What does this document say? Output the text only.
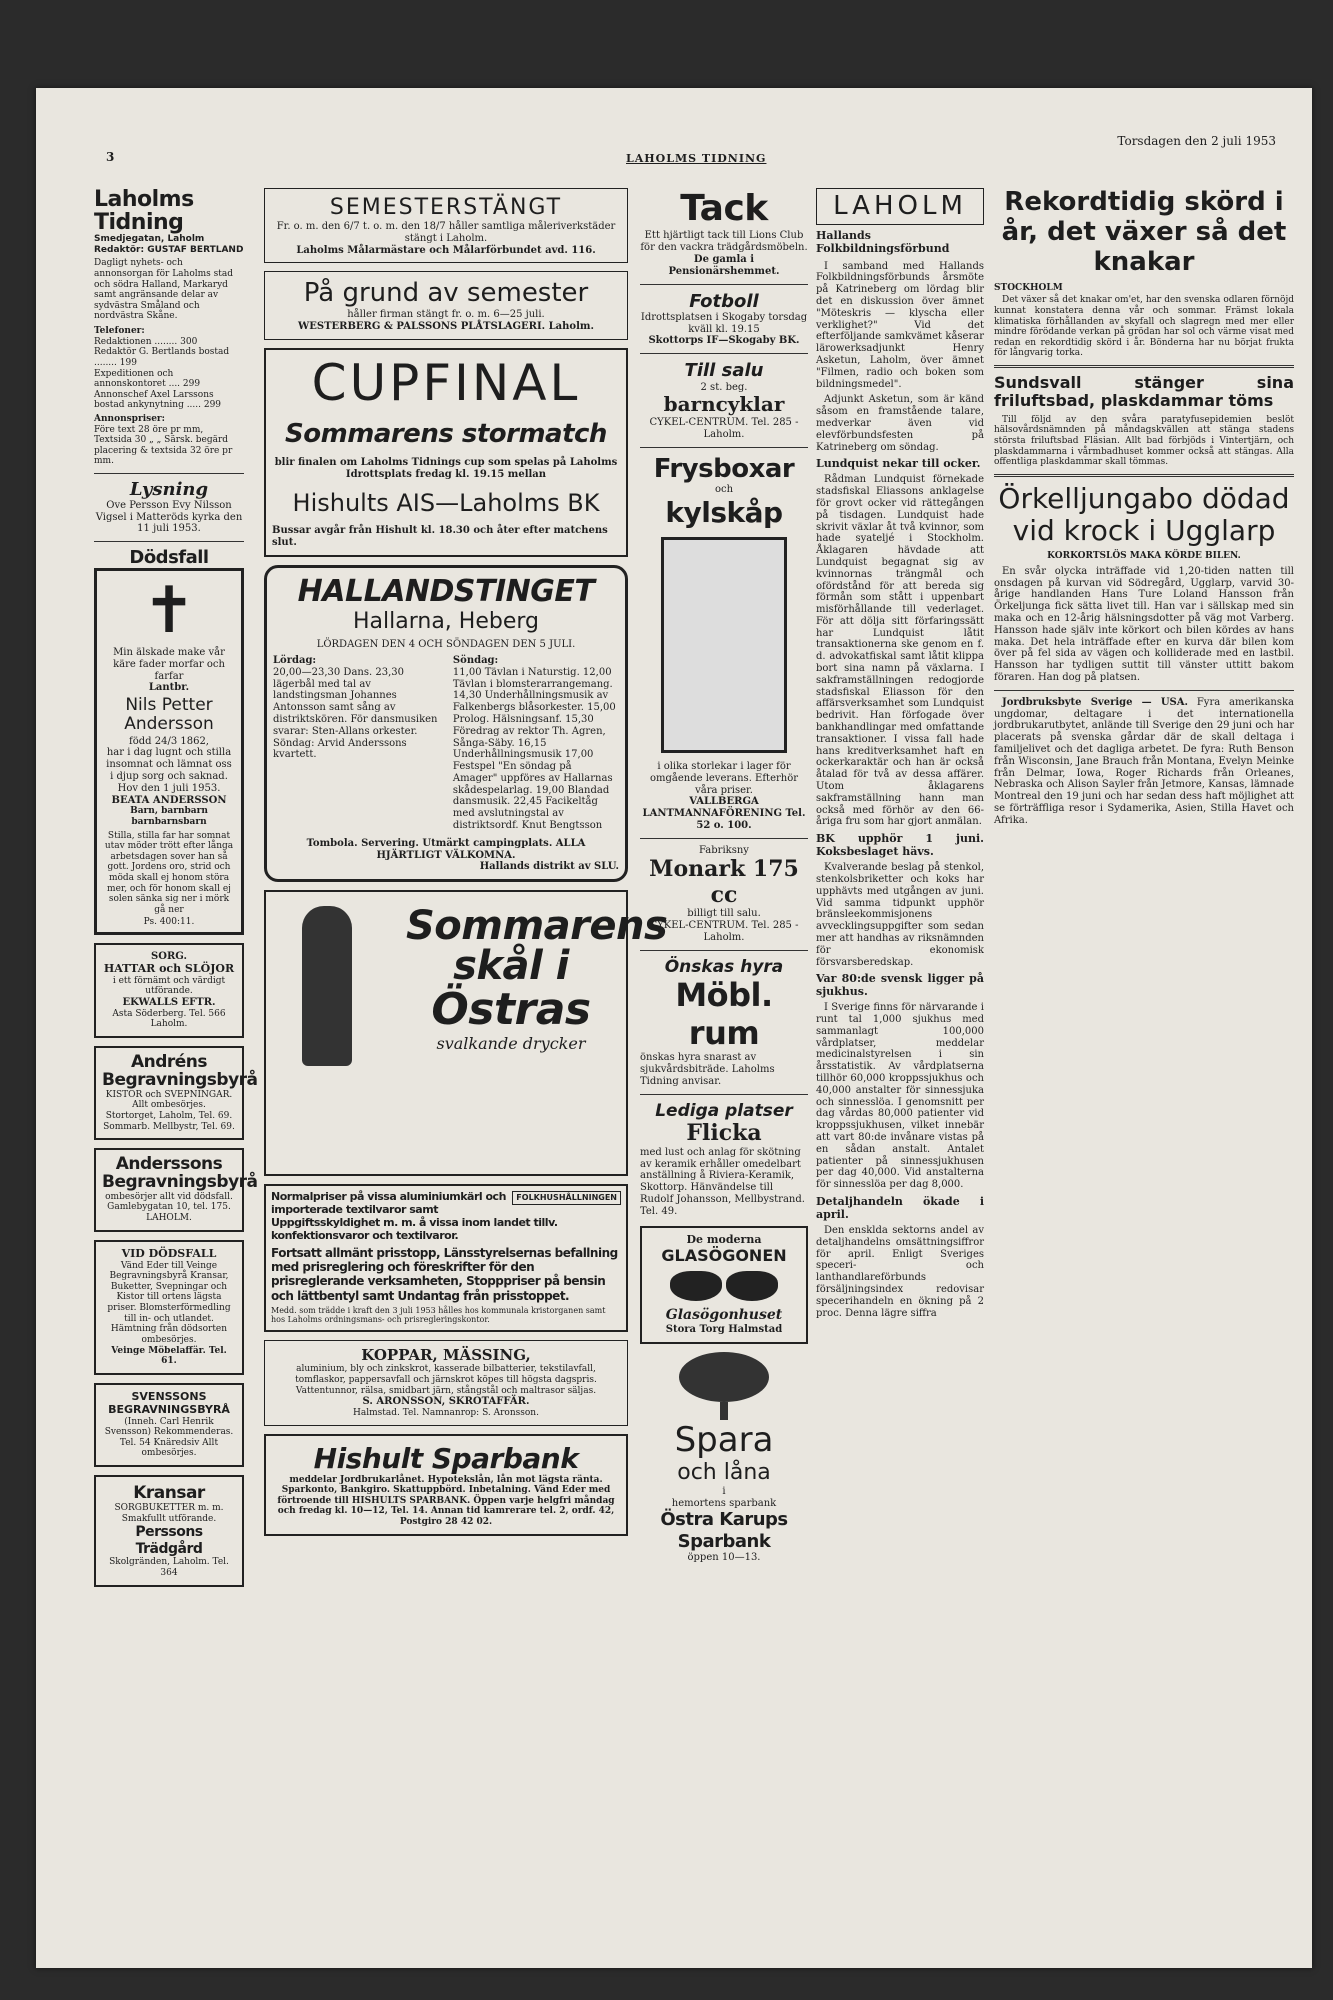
3	LAHOLMS TIDNING
Torsdagen den 2 juli 1953
Laholms Tidning
Smedjegatan, Laholm
Redaktör: GUSTAF BERTLAND

Dagligt nyhets- och annonsorgan för Laholms stad och södra Halland, Markaryd samt angränsande delar av sydvästra Småland och nordvästra Skåne.

Telefoner:
Redaktionen ........ 300
Redaktör G. Bertlands bostad ........ 199
Expeditionen och annonskontoret .... 299
Annonschef Axel Larssons bostad ankynytning ..... 299
Annonspriser:
Före text 28 öre pr mm, Textsida 30 „ „ Särsk. begärd placering & textsida 32 öre pr mm.
Lysning
Ove Persson Evy Nilsson Vigsel i Matteröds kyrka den 11 juli 1953.
Dödsfall
✝
Min älskade make vår käre fader morfar och farfar
Lantbr.
Nils Petter Andersson
född 24/3 1862,
har i dag lugnt och stilla insomnat och lämnat oss i djup sorg och saknad.
Hov den 1 juli 1953.
BEATA ANDERSSON
Barn, barnbarn barnbarnsbarn
Stilla, stilla far har somnat utav möder trött efter långa arbetsdagen sover han så gott. Jordens oro, strid och möda skall ej honom störa mer, och för honom skall ej solen sänka sig ner i mörk gå ner
Ps. 400:11.
SORG.
HATTAR och SLÖJOR
i ett förnämt och värdigt utförande.
EKWALLS EFTR.
Asta Söderberg. Tel. 566 Laholm.
Andréns Begravningsbyrå
KISTOR och SVEPNINGAR. Allt ombesörjes.
Stortorget, Laholm, Tel. 69. Sommarb. Mellbystr, Tel. 69.
Anderssons Begravningsbyrå
ombesörjer allt vid dödsfall.
Gamlebygatan 10, tel. 175. LAHOLM.
VID DÖDSFALL
Vänd Eder till Veinge Begravningsbyrå Kransar, Buketter, Svepningar och Kistor till ortens lägsta priser. Blomsterförmedling till in- och utlandet. Hämtning från dödsorten ombesörjes.
Veinge Möbelaffär. Tel. 61.
SVENSSONS BEGRAVNINGSBYRÅ
(Inneh. Carl Henrik Svensson) Rekommenderas. Tel. 54 Knäredsiv Allt ombesörjes.
Kransar
SORGBUKETTER m. m. Smakfullt utförande.
Perssons Trädgård
Skolgränden, Laholm. Tel. 364
SEMESTERSTÄNGT
Fr. o. m. den 6/7 t. o. m. den 18/7 håller samtliga måleriverkstäder stängt i Laholm.
Laholms Målarmästare och Målarförbundet avd. 116.
På grund av semester
håller firman stängt fr. o. m. 6—25 juli.
WESTERBERG & PALSSONS PLÅTSLAGERI. Laholm.
CUPFINAL
Sommarens stormatch
blir finalen om Laholms Tidnings cup som spelas på Laholms Idrottsplats fredag kl. 19.15 mellan
Hishults AIS—Laholms BK
Bussar avgår från Hishult kl. 18.30 och åter efter matchens slut.
HALLANDSTINGET
Hallarna, Heberg
LÖRDAGEN DEN 4 OCH SÖNDAGEN DEN 5 JULI.
Lördag:
20,00—23,30 Dans. 23,30 lägerbål med tal av landstingsman Johannes Antonsson samt sång av distriktskören. För dansmusiken svarar: Sten-Allans orkester. Söndag: Arvid Anderssons kvartett.
Söndag:
11,00 Tävlan i Naturstig. 12,00 Tävlan i blomsterarrangemang. 14,30 Underhållningsmusik av Falkenbergs blåsorkester. 15,00 Prolog. Hälsningsanf. 15,30 Föredrag av rektor Th. Agren, Sånga-Säby. 16,15 Underhållningsmusik 17,00 Festspel "En söndag på Amager" uppföres av Hallarnas skådespelarlag. 19,00 Blandad dansmusik. 22,45 Facikeltåg med avslutningstal av distriktsordf. Knut Bengtsson
Tombola. Servering. Utmärkt campingplats. ALLA HJÄRTLIGT VÄLKOMNA.
Hallands distrikt av SLU.
Sommarens
skål i
Östras
svalkande drycker
FOLKHUSHÅLLNINGEN
Normalpriser på vissa aluminiumkärl och importerade textilvaror samt Uppgiftsskyldighet m. m. å vissa inom landet tillv. konfektionsvaror och textilvaror.
Fortsatt allmänt prisstopp, Länsstyrelsernas befallning med prisreglering och föreskrifter för den prisreglerande verksamheten, Stopppriser på bensin och lättbentyl samt Undantag från prisstoppet.
Medd. som trädde i kraft den 3 juli 1953 hålles hos kommunala kristorganen samt hos Laholms ordningsmans- och prisregleringskontor.
KOPPAR, MÄSSING,
aluminium, bly och zinkskrot, kasserade bilbatterier, tekstilavfall, tomflaskor, pappersavfall och järnskrot köpes till högsta dagspris. Vattentunnor, rälsa, smidbart järn, stångstål och maltrasor säljas.
S. ARONSSON, SKROTAFFÄR.
Halmstad. Tel. Namnanrop: S. Aronsson.
Hishult Sparbank
meddelar Jordbrukarlånet. Hypotekslån, lån mot lägsta ränta. Sparkonto, Bankgiro. Skattuppbörd. Inbetalning. Vänd Eder med förtroende till HISHULTS SPARBANK. Öppen varje helgfri måndag och fredag kl. 10—12, Tel. 14. Annan tid kamrerare tel. 2, ordf. 42, Postgiro 28 42 02.
Tack
Ett hjärtligt tack till Lions Club för den vackra trädgårdsmöbeln.
De gamla i Pensionärshemmet.
Fotboll
Idrottsplatsen i Skogaby torsdag kväll kl. 19.15
Skottorps IF—Skogaby BK.
Till salu
2 st. beg.
barncyklar
CYKEL-CENTRUM. Tel. 285 - Laholm.
Frysboxar
och
kylskåp
i olika storlekar i lager för omgående leverans. Efterhör våra priser.
VALLBERGA LANTMANNAFÖRENING Tel. 52 o. 100.
Fabriksny
Monark 175 cc
billigt till salu.
CYKEL-CENTRUM. Tel. 285 - Laholm.
Önskas hyra
Möbl. rum
önskas hyra snarast av sjukvårdsbiträde. Laholms Tidning anvisar.
Lediga platser
Flicka
med lust och anlag för skötning av keramik erhåller omedelbart anställning å Riviera-Keramik, Skottorp. Hänvändelse till Rudolf Johansson, Mellbystrand. Tel. 49.
De moderna
GLASÖGONEN
Glasögonhuset
Stora Torg Halmstad
Spara
och låna
i
hemortens sparbank
Östra Karups Sparbank
öppen 10—13.
LAHOLM
Hallands Folkbildningsförbund

I samband med Hallands Folkbildningsförbunds årsmöte på Katrineberg om lördag blir det en diskussion över ämnet "Möteskris — klyscha eller verklighet?" Vid det efterföljande samkvämet kåserar lärowerksadjunkt Henry Asketun, Laholm, över ämnet "Filmen, radio och boken som bildningsmedel".

Adjunkt Asketun, som är känd såsom en framstående talare, medverkar även vid elevförbundsfesten på Katrineberg om söndag.

Lundquist nekar till ocker.

Rådman Lundquist förnekade stadsfiskal Eliassons anklagelse för grovt ocker vid rättegången på tisdagen. Lundquist hade skrivit växlar åt två kvinnor, som hade syateljé i Stockholm. Åklagaren hävdade att Lundquist begagnat sig av kvinnornas trängmål och ofördstånd för att bereda sig förmån som stått i uppenbart misförhållande till vederlaget. För att dölja sitt förfaringssätt har Lundquist låtit transaktionerna ske genom en f. d. advokatfiskal samt låtit klippa bort sina namn på växlarna. I sakframställningen redogjorde stadsfiskal Eliasson för den affärsverksamhet som Lundquist bedrivit. Han förfogade över bankhandlingar med omfattande transaktioner. I vissa fall hade hans kreditverksamhet haft en ockerkaraktär och han är också åtalad för två av dessa affärer. Utom åklagarens sakframställning hann man också med förhör av den 66-åriga fru som har gjort anmälan.

BK upphör 1 juni. Koksbeslaget hävs.

Kvalverande beslag på stenkol, stenkolsbriketter och koks har upphävts med utgången av juni. Vid samma tidpunkt upphör bränsleekommisjonens avvecklingsuppgifter som sedan mer att handhas av riksnämnden för ekonomisk försvarsberedskap.

Var 80:de svensk ligger på sjukhus.

I Sverige finns för närvarande i runt tal 1,000 sjukhus med sammanlagt 100,000 vårdplatser, meddelar medicinalstyrelsen i sin årsstatistik. Av vårdplatserna tillhör 60,000 kroppssjukhus och 40,000 anstalter för sinnessjuka och sinnesslöa. I genomsnitt per dag vårdas 80,000 patienter vid kroppssjukhusen, vilket innebär att vart 80:de invånare vistas på en sådan anstalt. Antalet patienter på sinnessjukhusen per dag 40,000. Vid anstalterna för sinnesslöa per dag 8,000.

Detaljhandeln ökade i april.

Den ensklda sektorns andel av detaljhandelns omsättningsiffror för april. Enligt Sveriges speceri- och lanthandlareförbunds försäljningsindex redovisar specerihandeln en ökning på 2 proc. Denna lägre siffra

Rekordtidig skörd i år, det växer så det knakar
STOCKHOLM

Det växer så det knakar om'et, har den svenska odlaren förnöjd kunnat konstatera denna vår och sommar. Främst lokala klimatiska förhållanden av skyfall och slagregn med mer eller mindre förödande verkan på grödan har sol och värme visat med redan en rekordtidig skörd i år. Bönderna har nu börjat frukta för långvarig torka.

Sundsvall stänger sina friluftsbad, plaskdammar töms

Till följd av den svåra paratyfusepidemien beslöt hälsovårdsnämnden på måndagskvällen att stänga stadens största friluftsbad Fläsian. Allt bad förbjöds i Vintertjärn, och plaskdammarna i vårmbadhuset kommer också att stängas. Alla offentliga plaskdammar skall tömmas.

Örkelljungabo dödad vid krock i Ugglarp
KORKORTSLÖS MAKA KÖRDE BILEN.

En svår olycka inträffade vid 1,20-tiden natten till onsdagen på kurvan vid Södregård, Ugglarp, varvid 30-årige handlanden Hans Ture Loland Hansson från Örkeljunga fick sätta livet till. Han var i sällskap med sin maka och en 12-årig hälsningsdotter på väg mot Varberg. Hansson hade själv inte körkort och bilen kördes av hans maka. Det hela inträffade efter en kurva där bilen kom över på fel sida av vägen och kolliderade med en lastbil. Hansson har tydligen suttit till vänster uttitt bakom föraren. Han dog på platsen.

Jordbruksbyte Sverige — USA. Fyra amerikanska ungdomar, deltagare i det internationella jordbrukarutbytet, anlände till Sverige den 29 juni och har placerats på svenska gårdar där de skall deltaga i familjelivet och det dagliga arbetet. De fyra: Ruth Benson från Wisconsin, Jane Brauch från Montana, Evelyn Meinke från Delmar, Iowa, Roger Richards från Orleanes, Nebraska och Alison Sayler från Jetmore, Kansas, lämnade Montreal den 19 juni och har sedan dess haft möjlighet att se förträffliga resor i Sydamerika, Asien, Stilla Havet och Afrika.
